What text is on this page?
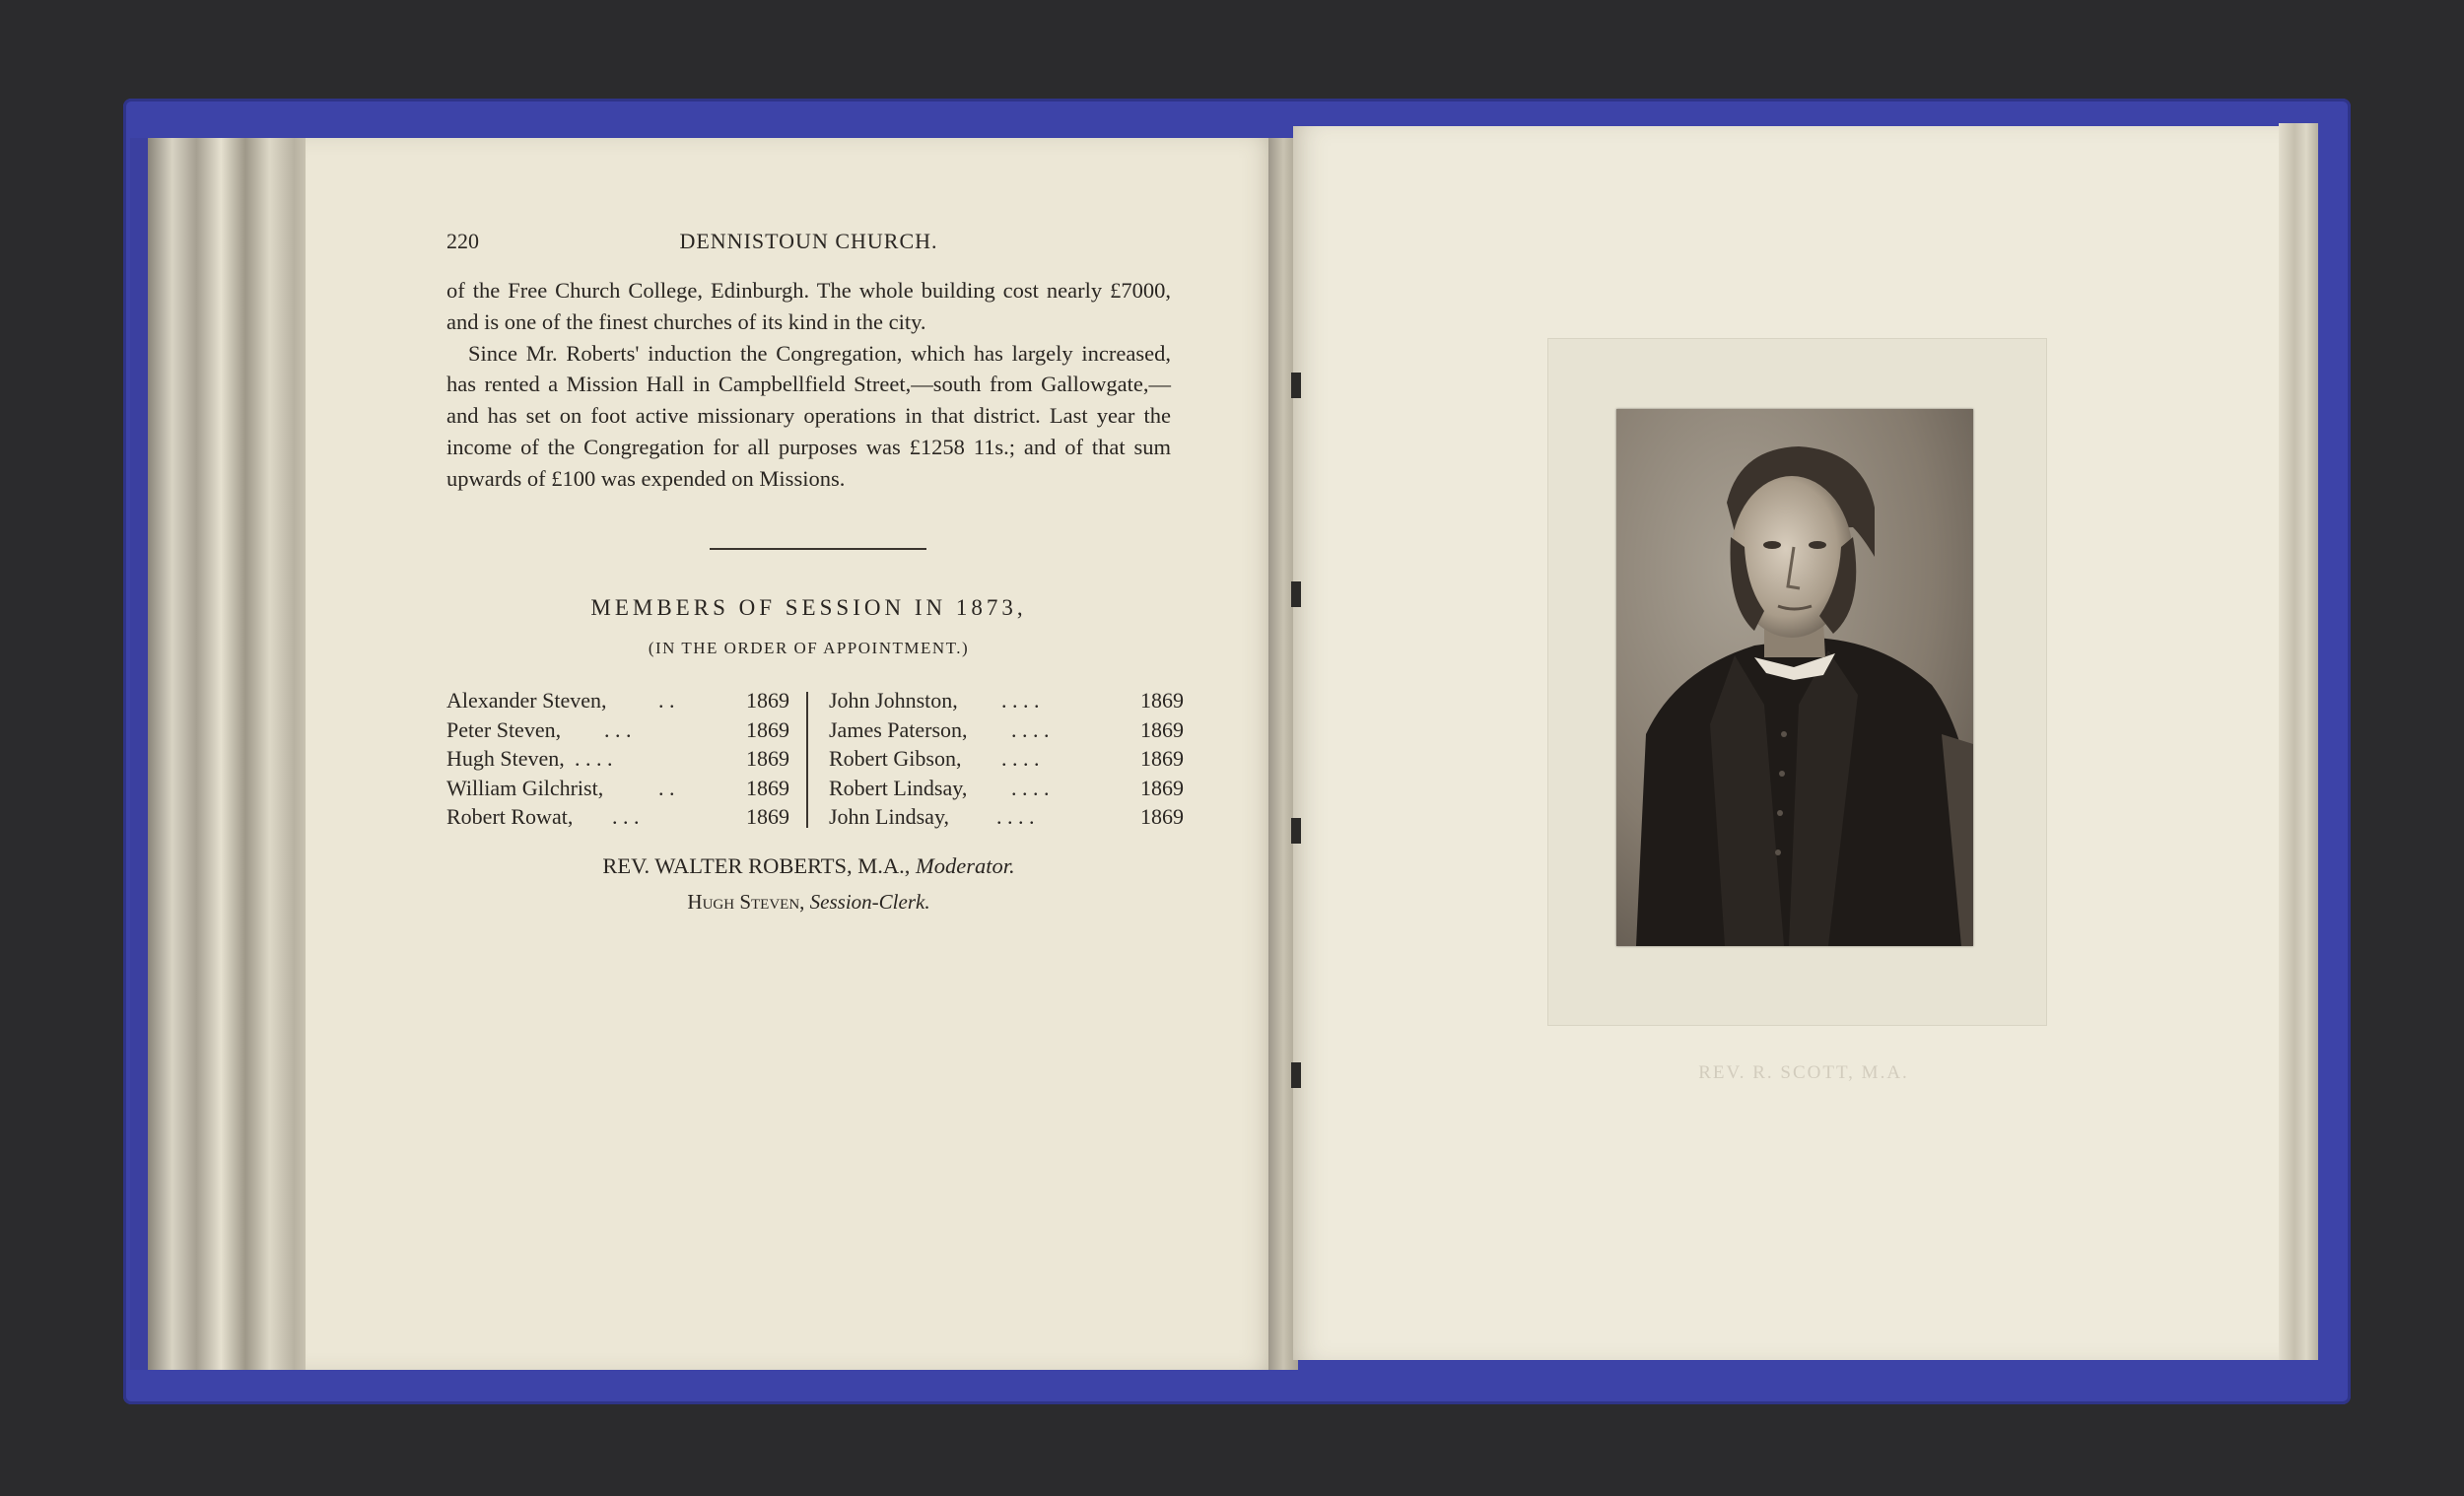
220	DENNISTOUN CHURCH.

of the Free Church College, Edinburgh. The whole building cost nearly £7000, and is one of the finest churches of its kind in the city.

Since Mr. Roberts' induction the Congregation, which has largely increased, has rented a Mission Hall in Campbellfield Street,—south from Gallowgate,—and has set on foot active missionary operations in that district. Last year the income of the Congregation for all purposes was £1258 11s.; and of that sum upwards of £100 was expended on Missions.

MEMBERS OF SESSION IN 1873,
(IN THE ORDER OF APPOINTMENT.)
Alexander Steven, . .	1869
Peter Steven, . . .	1869
Hugh Steven, . . . .	1869
William Gilchrist,	. .	1869
Robert Rowat, . . .	1869
John Johnston, . . . .	1869
James Paterson, . . . .	1869
Robert Gibson, . . . .	1869
Robert Lindsay, . . . .	1869
John Lindsay, . . . .	1869
REV. WALTER ROBERTS, M.A., Moderator.
Hugh Steven, Session-Clerk.
REV. R. SCOTT, M.A.
